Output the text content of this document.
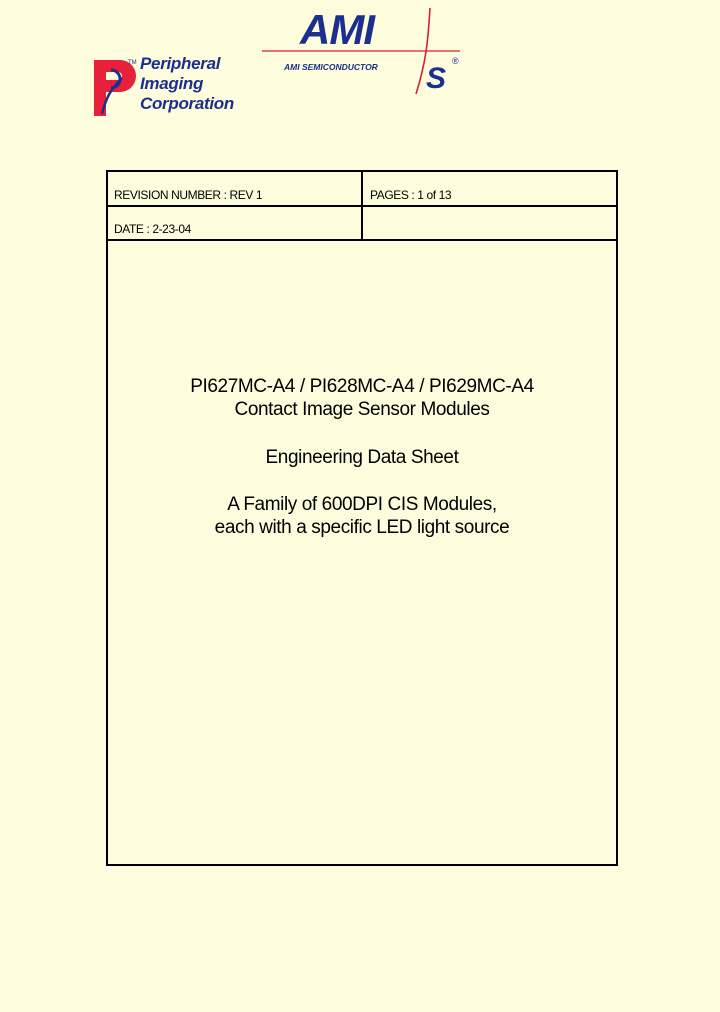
TM Peripheral
Imaging
Corporation
AMI
AMI SEMICONDUCTOR S
®
REVISION NUMBER : REV 1	PAGES : 1 of 13
DATE : 2-23-04
PI627MC-A4 / PI628MC-A4 / PI629MC-A4
Contact Image Sensor Modules
Engineering Data Sheet
A Family of 600DPI CIS Modules,
each with a specific LED light source
